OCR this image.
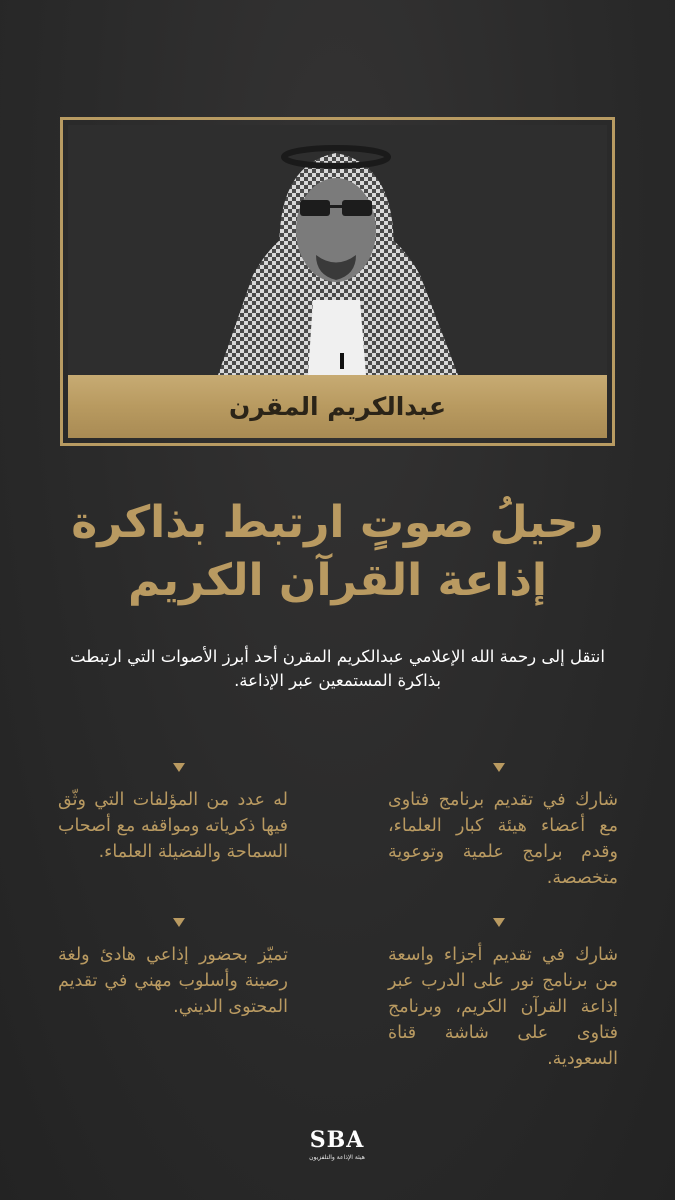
عبدالكريم المقرن
رحيلُ صوتٍ ارتبط بذاكرة
إذاعة القرآن الكريم
انتقل إلى رحمة الله الإعلامي عبدالكريم المقرن أحد أبرز الأصوات التي ارتبطت بذاكرة المستمعين عبر الإذاعة.
شارك في تقديم برنامج فتاوى مع أعضاء هيئة كبار العلماء، وقدم برامج علمية وتوعوية متخصصة.
له عدد من المؤلفات التي وثّق فيها ذكرياته ومواقفه مع أصحاب السماحة والفضيلة العلماء.
شارك في تقديم أجزاء واسعة من برنامج نور على الدرب عبر إذاعة القرآن الكريم، وبرنامج فتاوى على شاشة قناة السعودية.
تميّز بحضور إذاعي هادئ ولغة رصينة وأسلوب مهني في تقديم المحتوى الديني.
SBA
هيئة الإذاعة والتلفزيون
